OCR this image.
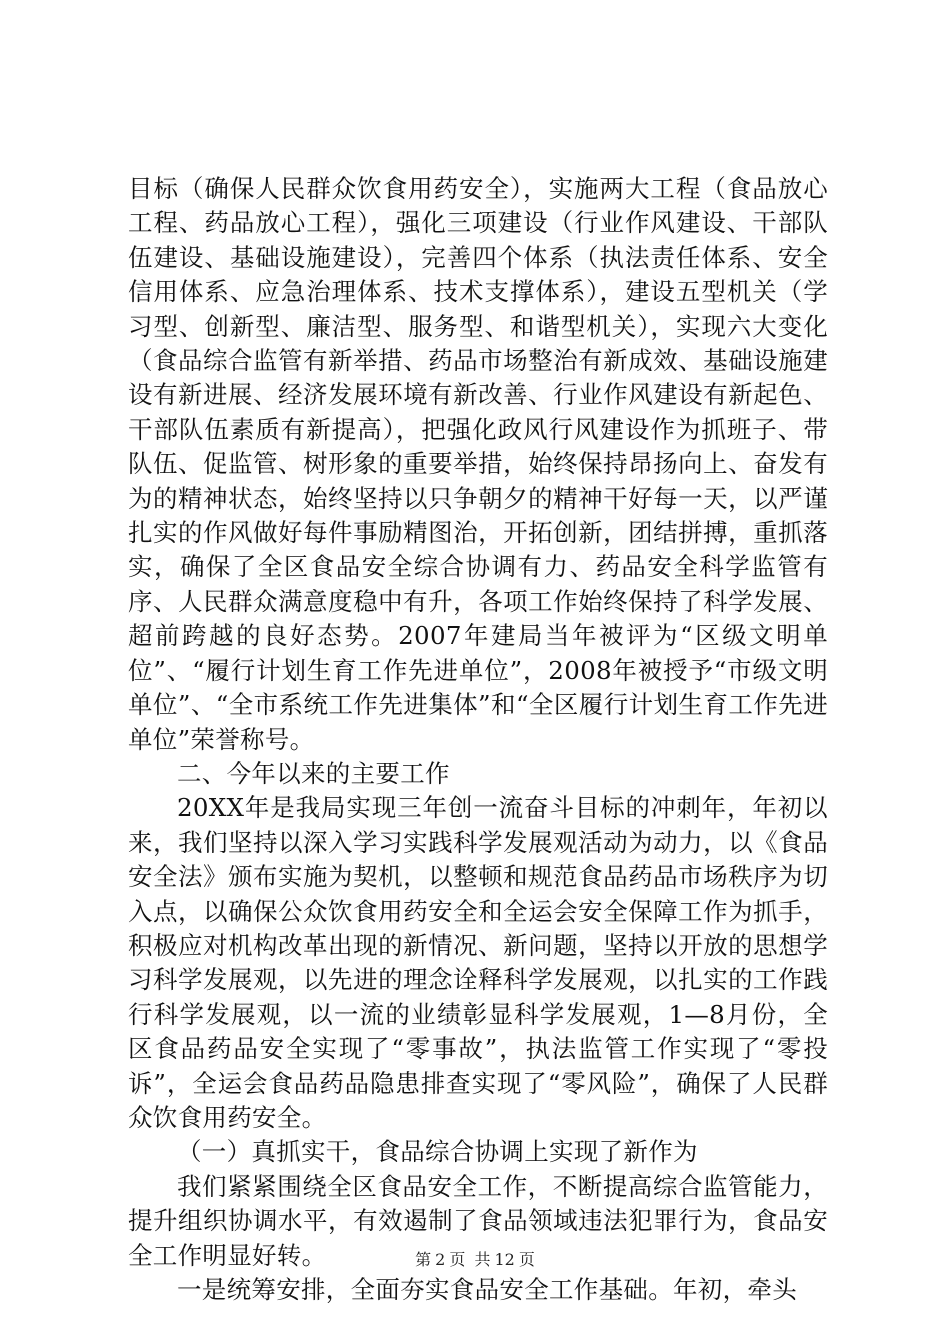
目标（确保人民群众饮食用药安全），实施两大工程（食品放心工程、药品放心工程），强化三项建设（行业作风建设、干部队伍建设、基础设施建设），完善四个体系（执法责任体系、安全信用体系、应急治理体系、技术支撑体系），建设五型机关（学习型、创新型、廉洁型、服务型、和谐型机关），实现六大变化（食品综合监管有新举措、药品市场整治有新成效、基础设施建设有新进展、经济发展环境有新改善、行业作风建设有新起色、干部队伍素质有新提高），把强化政风行风建设作为抓班子、带队伍、促监管、树形象的重要举措，始终保持昂扬向上、奋发有为的精神状态，始终坚持以只争朝夕的精神干好每一天，以严谨扎实的作风做好每件事励精图治，开拓创新，团结拼搏，重抓落实，确保了全区食品安全综合协调有力、药品安全科学监管有序、人民群众满意度稳中有升，各项工作始终保持了科学发展、超前跨越的良好态势。2007年建局当年被评为“区级文明单位”、“履行计划生育工作先进单位”，2008年被授予“市级文明单位”、“全市系统工作先进集体”和“全区履行计划生育工作先进单位”荣誉称号。

二、今年以来的主要工作

20XX年是我局实现三年创一流奋斗目标的冲刺年，年初以来，我们坚持以深入学习实践科学发展观活动为动力，以《食品安全法》颁布实施为契机，以整顿和规范食品药品市场秩序为切入点，以确保公众饮食用药安全和全运会安全保障工作为抓手，积极应对机构改革出现的新情况、新问题，坚持以开放的思想学习科学发展观，以先进的理念诠释科学发展观，以扎实的工作践行科学发展观，以一流的业绩彰显科学发展观，1—8月份，全区食品药品安全实现了“零事故”，执法监管工作实现了“零投诉”，全运会食品药品隐患排查实现了“零风险”，确保了人民群众饮食用药安全。

（一）真抓实干，食品综合协调上实现了新作为

我们紧紧围绕全区食品安全工作，不断提高综合监管能力，提升组织协调水平，有效遏制了食品领域违法犯罪行为，食品安全工作明显好转。

一是统筹安排，全面夯实食品安全工作基础。年初，牵头

第 2 页 共 12 页
